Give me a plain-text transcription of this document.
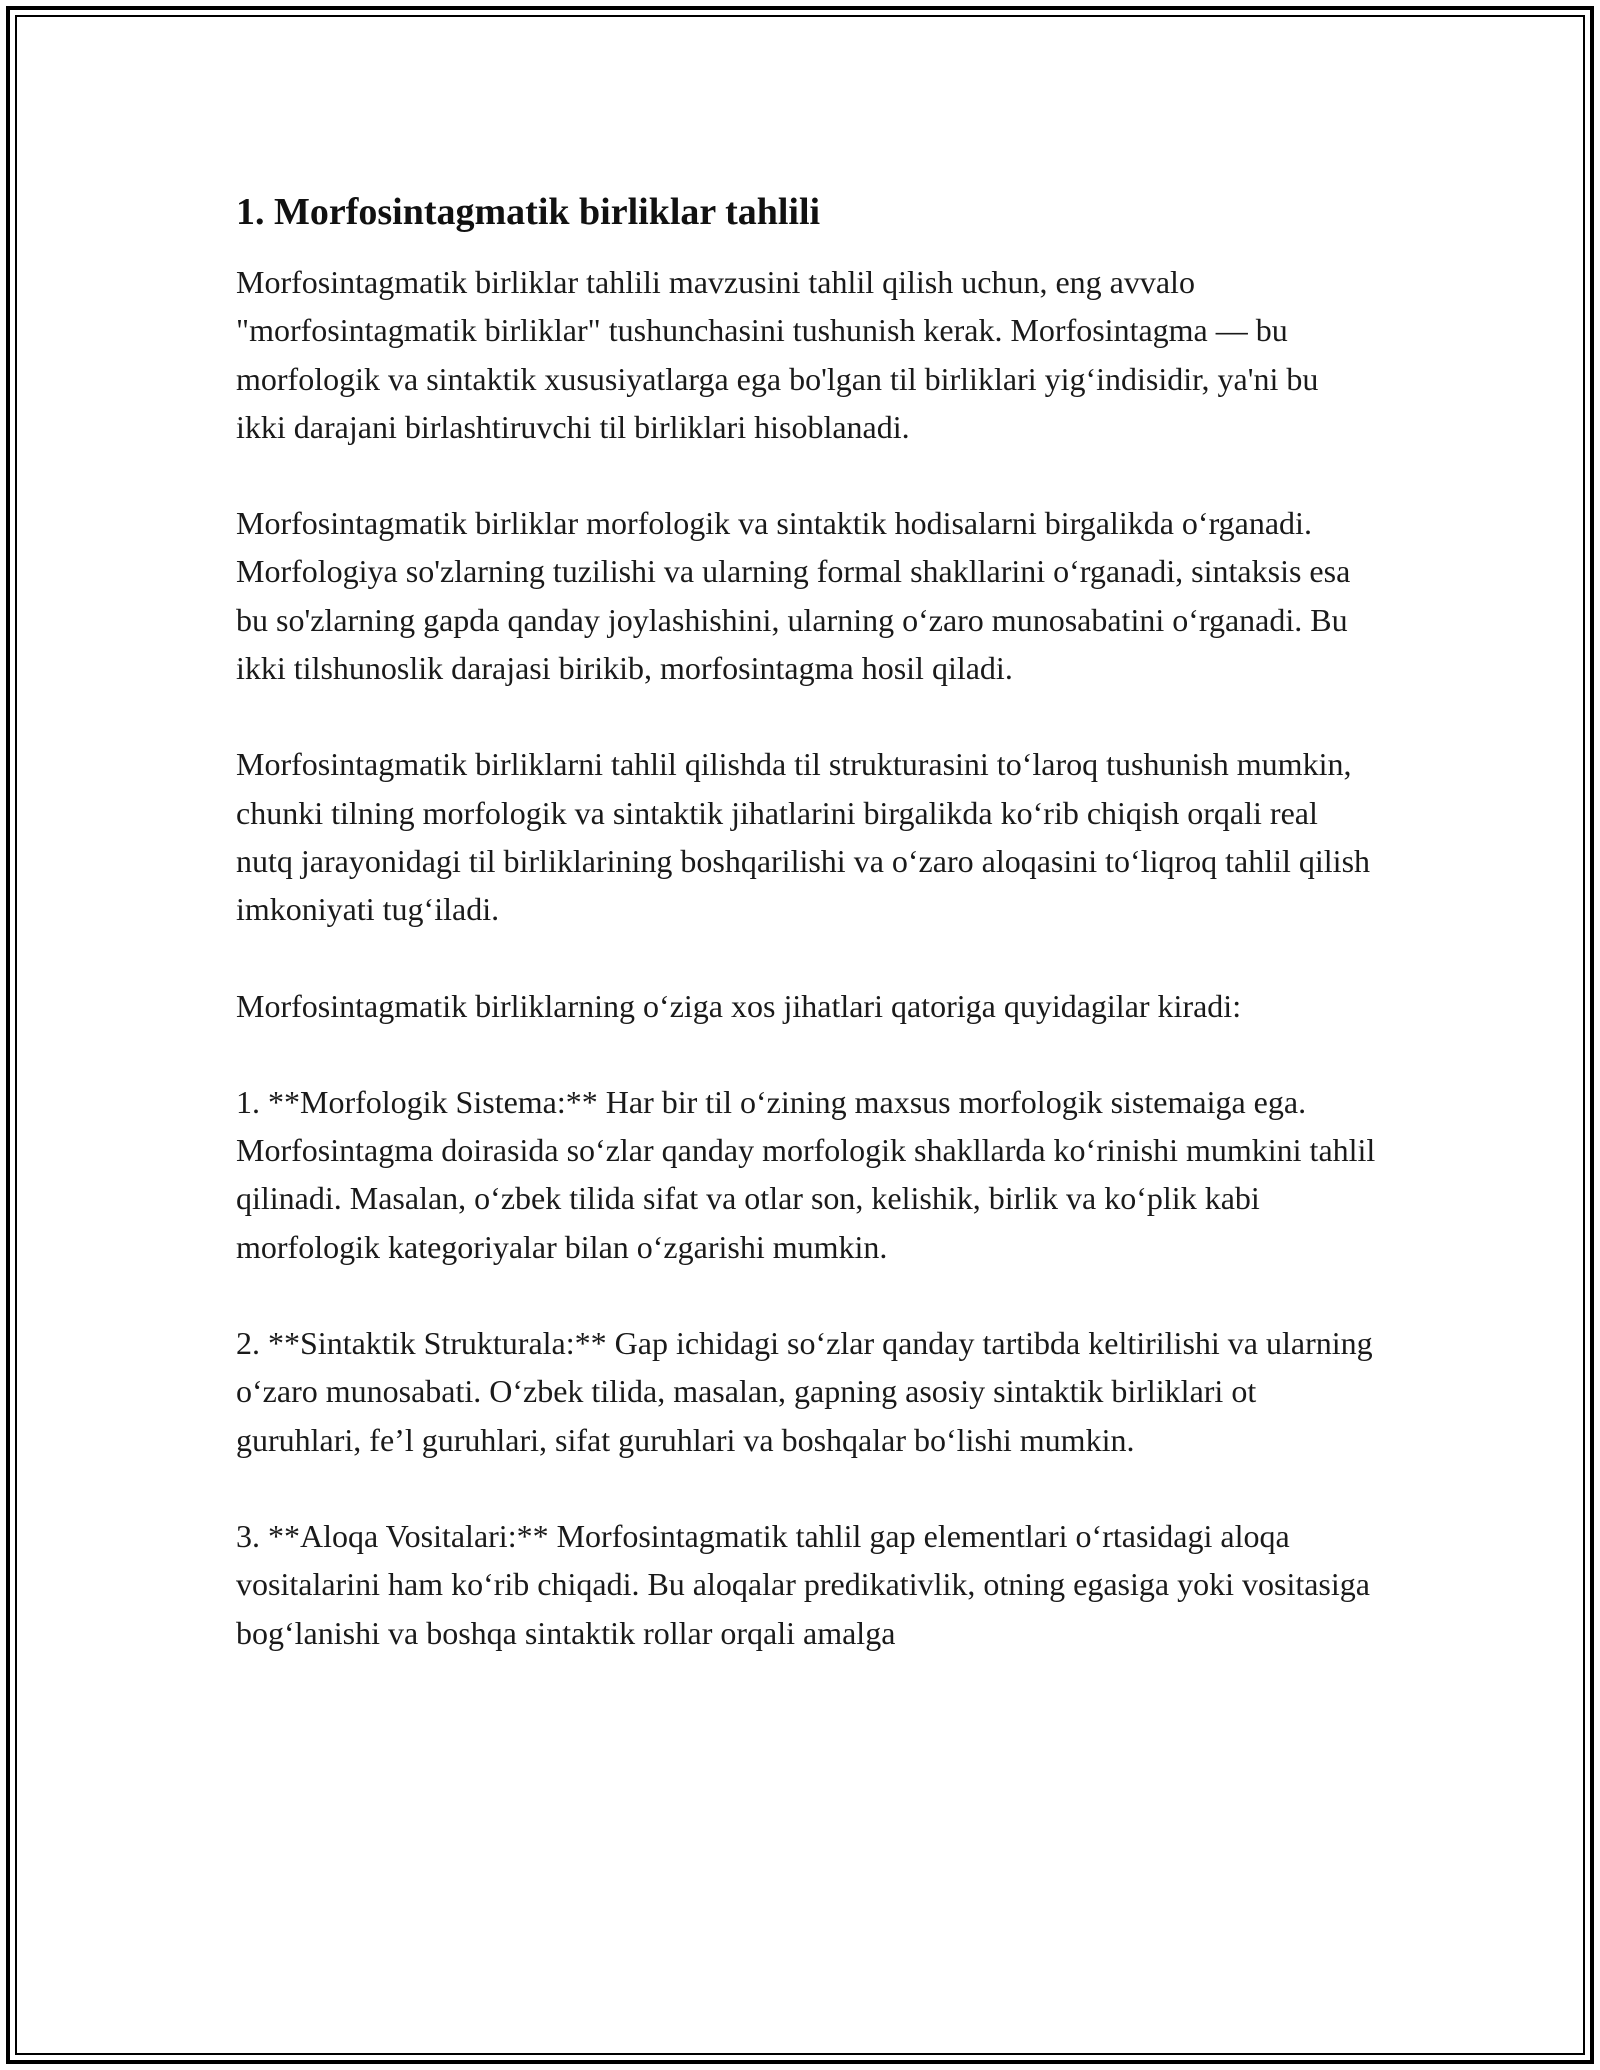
1. Morfosintagmatik birliklar tahlili

Morfosintagmatik birliklar tahlili mavzusini tahlil qilish uchun, eng avvalo "morfosintagmatik birliklar" tushunchasini tushunish kerak. Morfosintagma — bu morfologik va sintaktik xususiyatlarga ega bo'lgan til birliklari yig‘indisidir, ya'ni bu ikki darajani birlashtiruvchi til birliklari hisoblanadi.

Morfosintagmatik birliklar morfologik va sintaktik hodisalarni birgalikda o‘rganadi. Morfologiya so'zlarning tuzilishi va ularning formal shakllarini o‘rganadi, sintaksis esa bu so'zlarning gapda qanday joylashishini, ularning o‘zaro munosabatini o‘rganadi. Bu ikki tilshunoslik darajasi birikib, morfosintagma hosil qiladi.

Morfosintagmatik birliklarni tahlil qilishda til strukturasini to‘laroq tushunish mumkin, chunki tilning morfologik va sintaktik jihatlarini birgalikda ko‘rib chiqish orqali real nutq jarayonidagi til birliklarining boshqarilishi va o‘zaro aloqasini to‘liqroq tahlil qilish imkoniyati tug‘iladi.

Morfosintagmatik birliklarning o‘ziga xos jihatlari qatoriga quyidagilar kiradi:

1. **Morfologik Sistema:** Har bir til o‘zining maxsus morfologik sistemaiga ega. Morfosintagma doirasida so‘zlar qanday morfologik shakllarda ko‘rinishi mumkini tahlil qilinadi. Masalan, o‘zbek tilida sifat va otlar son, kelishik, birlik va ko‘plik kabi morfologik kategoriyalar bilan o‘zgarishi mumkin.

2. **Sintaktik Strukturala:** Gap ichidagi so‘zlar qanday tartibda keltirilishi va ularning o‘zaro munosabati. O‘zbek tilida, masalan, gapning asosiy sintaktik birliklari ot guruhlari, fe’l guruhlari, sifat guruhlari va boshqalar bo‘lishi mumkin.

3. **Aloqa Vositalari:** Morfosintagmatik tahlil gap elementlari o‘rtasidagi aloqa vositalarini ham ko‘rib chiqadi. Bu aloqalar predikativlik, otning egasiga yoki vositasiga bog‘lanishi va boshqa sintaktik rollar orqali amalga
